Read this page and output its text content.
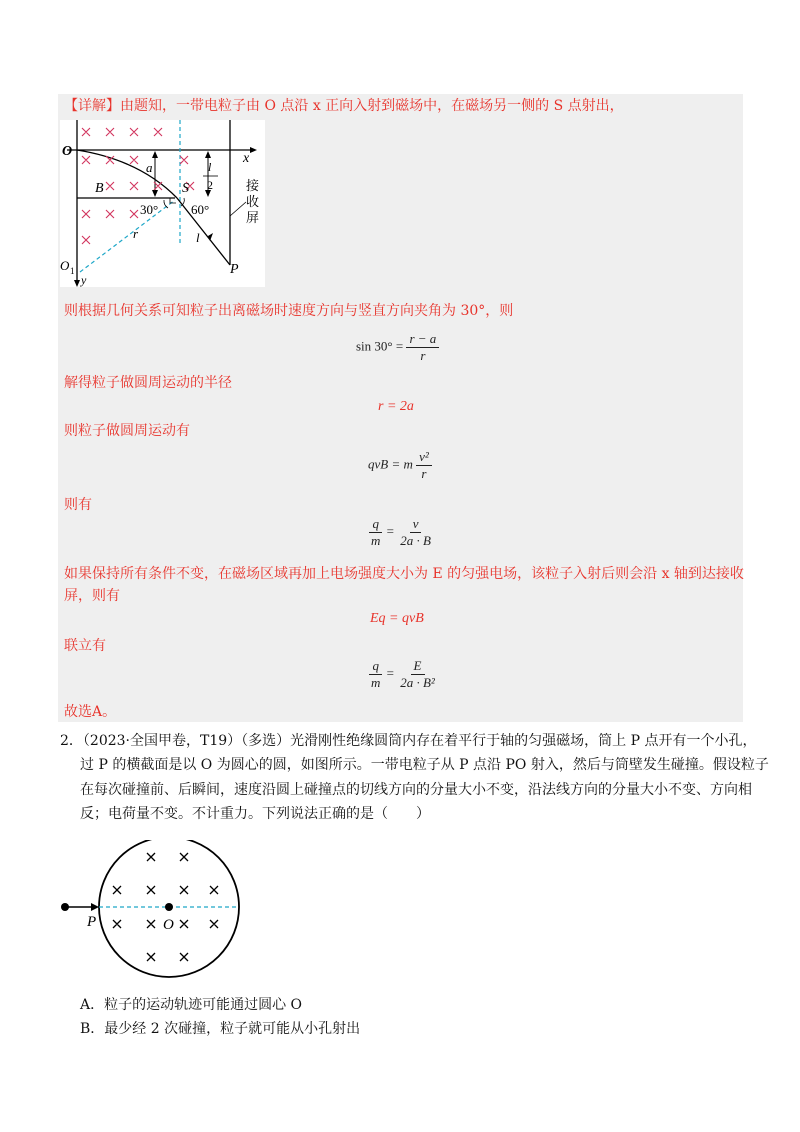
【详解】由题知，一带电粒子由 O 点沿 x 正向入射到磁场中，在磁场另一侧的 S 点射出，
O	x
a
B	S
l
2
30°	60°
r	l
O 1
y
P
接
收
屏
则根据几何关系可知粒子出离磁场时速度方向与竖直方向夹角为 30°，则
$\sin 30^\circ = \frac{r - a}{r}$
解得粒子做圆周运动的半径
r = 2a
则粒子做圆周运动有
qvB = m $\frac{\text{v²}}{r}$
则有
$\frac{q}{m} = \frac{v}{2a \cdot B}$
如果保持所有条件不变，在磁场区域再加上电场强度大小为 E 的匀强电场，该粒子入射后则会沿 x 轴到达接收
屏，则有
Eq = qvB
联立有
$\frac{q}{m} = \frac{E}{\text{2a · B²}}$
故选A。
2．（2023·全国甲卷，T19）（多选）光滑刚性绝缘圆筒内存在着平行于轴的匀强磁场，筒上 P 点开有一个小孔，
过 P 的横截面是以 O 为圆心的圆，如图所示。一带电粒子从 P 点沿 PO 射入，然后与筒壁发生碰撞。假设粒子
在每次碰撞前、后瞬间，速度沿圆上碰撞点的切线方向的分量大小不变，沿法线方向的分量大小不变、方向相
反；电荷量不变。不计重力。下列说法正确的是（　　）
P	O
A．粒子的运动轨迹可能通过圆心 O
B．最少经 2 次碰撞，粒子就可能从小孔射出
